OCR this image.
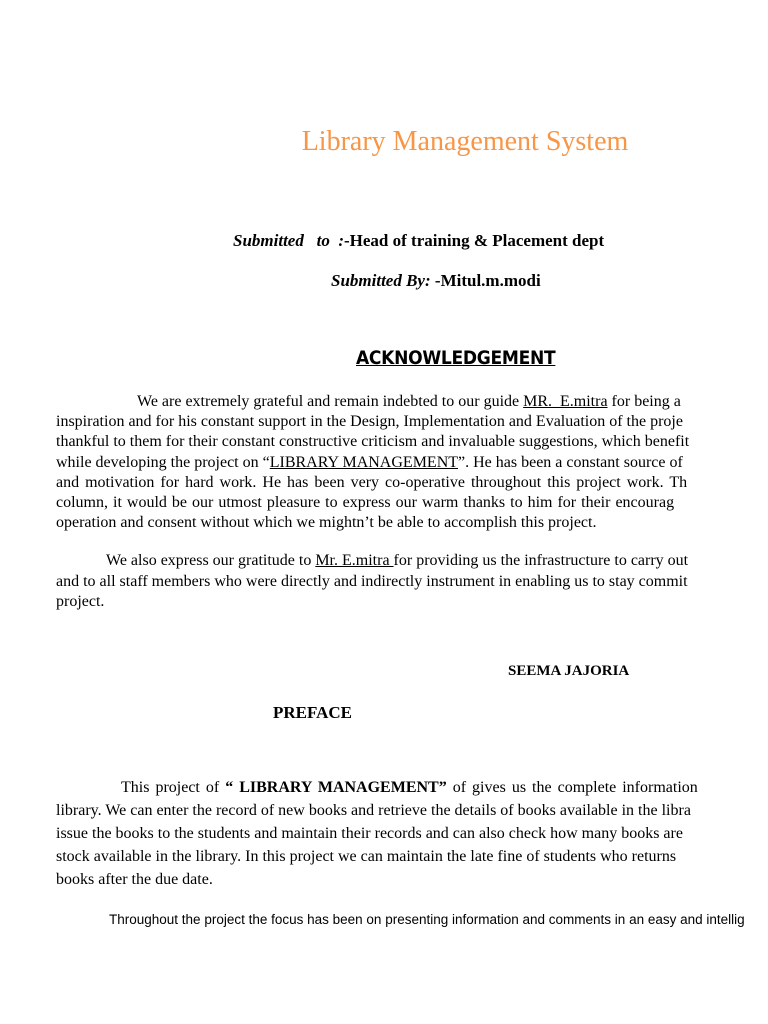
Library Management System
Submitted   to  :-Head of training & Placement dept
Submitted By: -Mitul.m.modi
ACKNOWLEDGEMENT
We are extremely grateful and remain indebted to our guide MR.  E.mitra for being a
inspiration and for his constant support in the Design, Implementation and Evaluation of the proje
thankful to them for their constant constructive criticism and invaluable suggestions, which benefit
while developing the project on “LIBRARY MANAGEMENT”. He has been a constant source of
and motivation for hard work. He has been very co-operative throughout this project work. Th
column, it would be our utmost pleasure to express our warm thanks to him for their encourag
operation and consent without which we mightn’t be able to accomplish this project.
We also express our gratitude to Mr. E.mitra for providing us the infrastructure to carry out
and to all staff members who were directly and indirectly instrument in enabling us to stay commit
project.
SEEMA JAJORIA
PREFACE
This project of “ LIBRARY MANAGEMENT” of gives us the complete information
library. We can enter the record of new books and retrieve the details of books available in the libra
issue the books to the students and maintain their records and can also check how many books are
stock available in the library. In this project we can maintain the late fine of students who returns
books after the due date.
Throughout the project the focus has been on presenting information and comments in an easy and intellig
